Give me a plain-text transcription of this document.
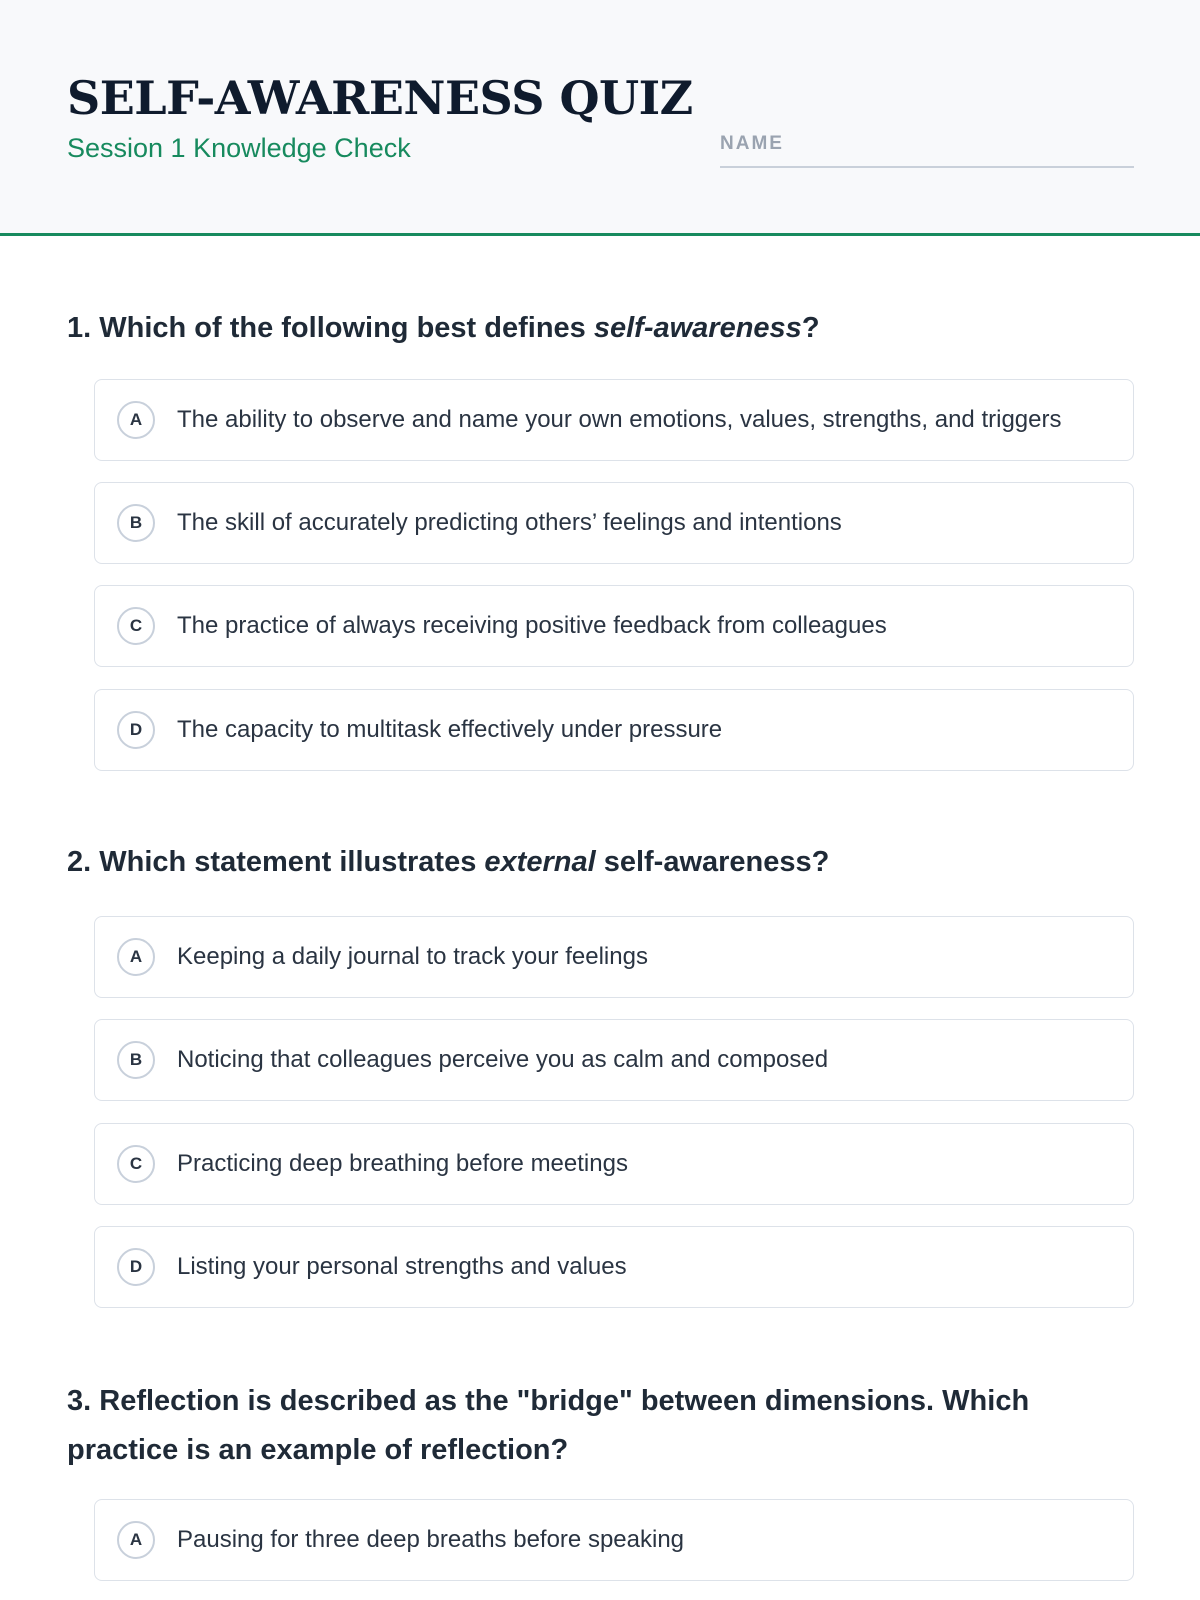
SELF-AWARENESS QUIZ
Session 1 Knowledge Check	NAME
1. Which of the following best defines self-awareness?
A	The ability to observe and name your own emotions, values, strengths, and triggers
B	The skill of accurately predicting others’ feelings and intentions
C	The practice of always receiving positive feedback from colleagues
D	The capacity to multitask effectively under pressure
2. Which statement illustrates external self-awareness?
A	Keeping a daily journal to track your feelings
B	Noticing that colleagues perceive you as calm and composed
C	Practicing deep breathing before meetings
D	Listing your personal strengths and values
3. Reflection is described as the "bridge" between dimensions. Which practice is an example of reflection?
A	Pausing for three deep breaths before speaking
